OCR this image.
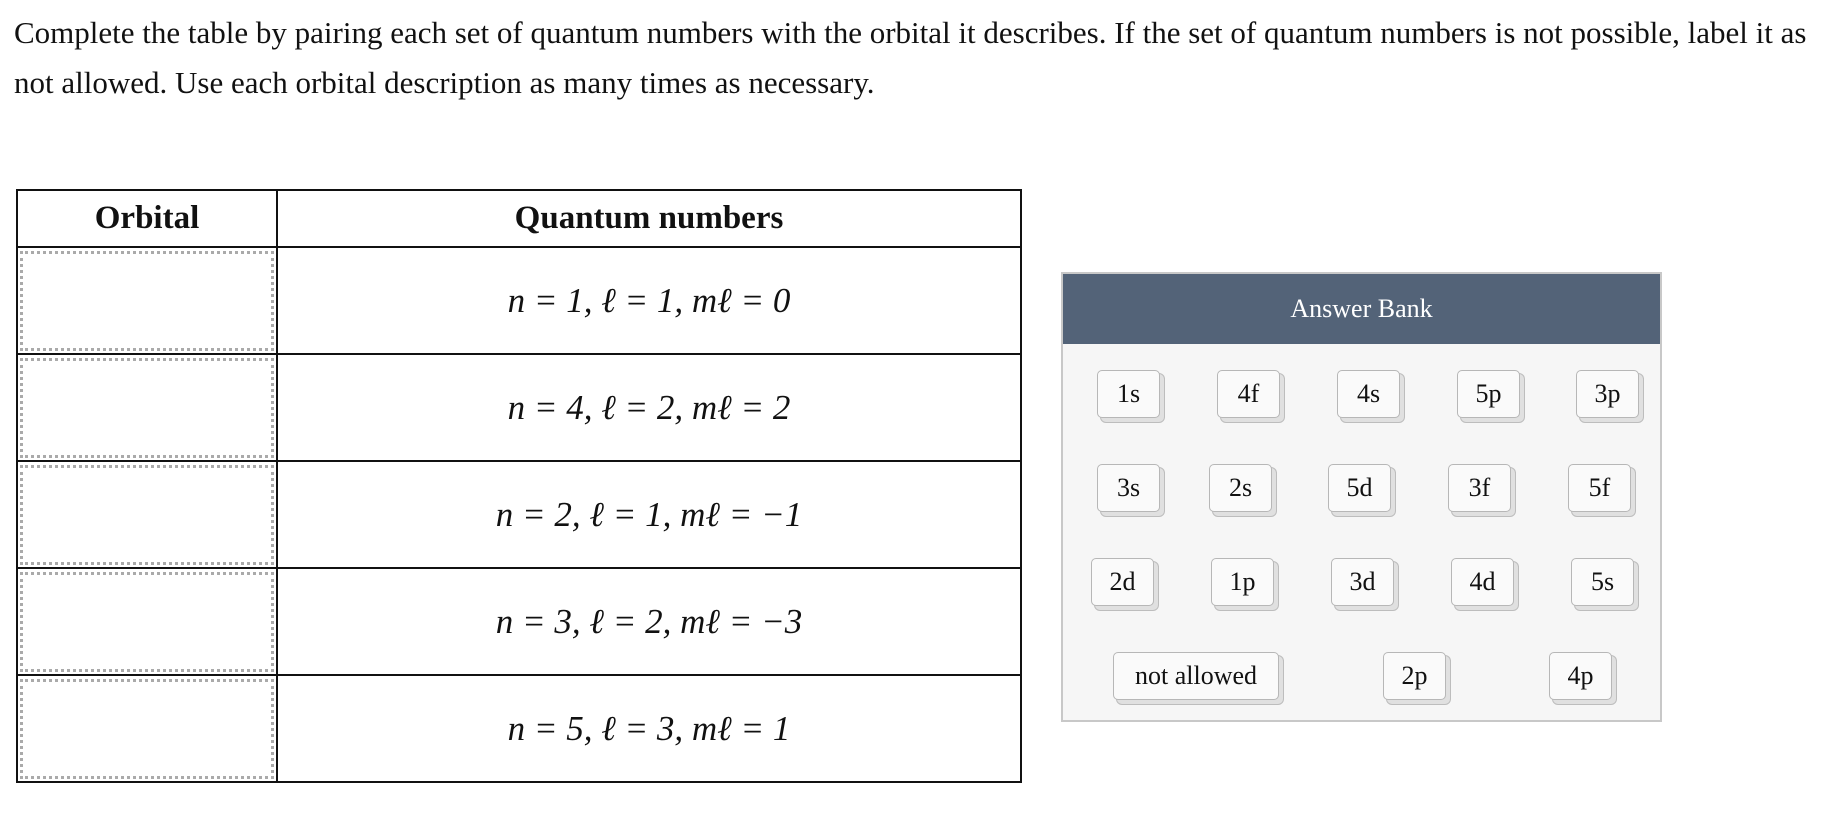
Complete the table by pairing each set of quantum numbers with the orbital it describes. If the set of quantum numbers is not possible, label it as not allowed. Use each orbital description as many times as necessary.

Orbital	Quantum numbers

	n = 1, ℓ = 1, mℓ = 0

	n = 4, ℓ = 2, mℓ = 2

	n = 2, ℓ = 1, mℓ = −1

	n = 3, ℓ = 2, mℓ = −3

	n = 5, ℓ = 3, mℓ = 1
Answer Bank
1s	4f	4s	5p	3p
3s	2s	5d	3f	5f
2d	1p	3d	4d	5s
not allowed	2p	4p
